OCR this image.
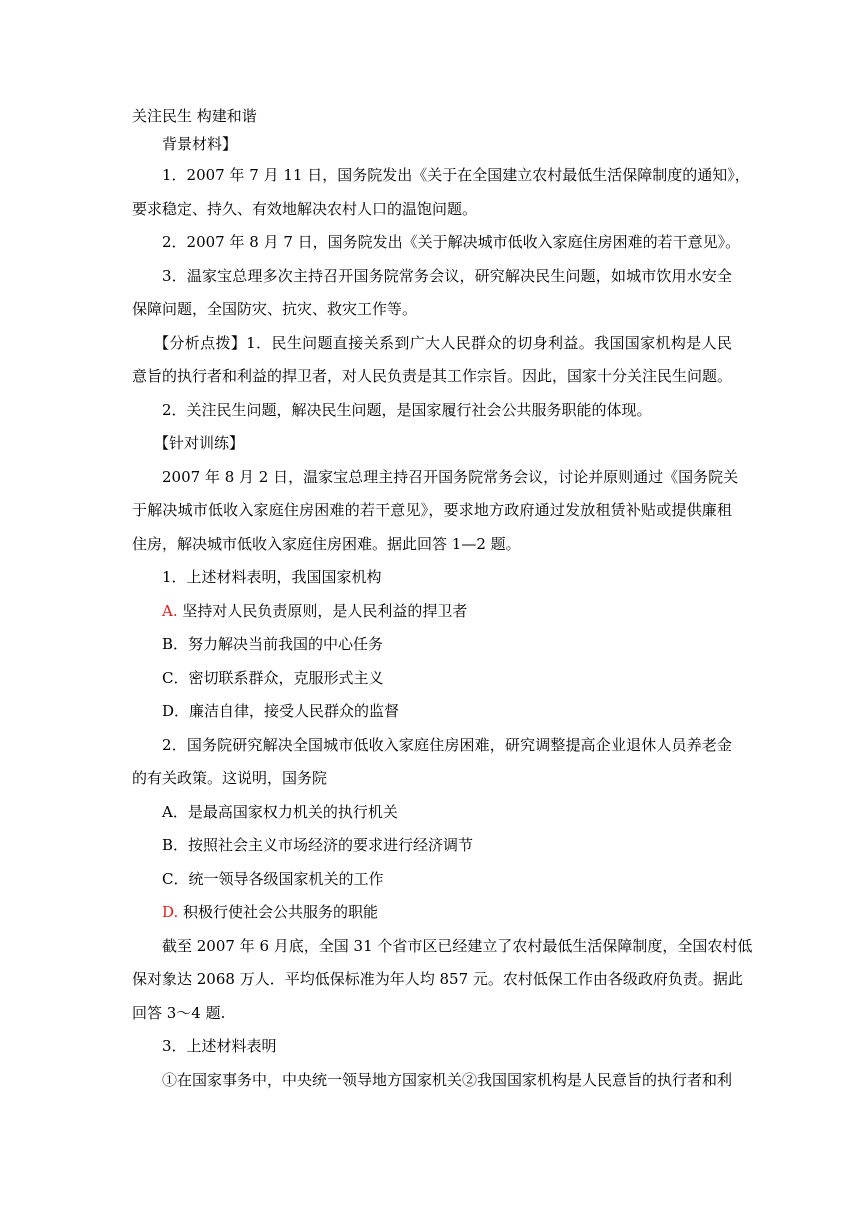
关注民生 构建和谐
背景材料】
1．2007 年 7 月 11 日，国务院发出《关于在全国建立农村最低生活保障制度的通知》，
要求稳定、持久、有效地解决农村人口的温饱问题。
2．2007 年 8 月 7 日，国务院发出《关于解决城市低收入家庭住房困难的若干意见》。
3．温家宝总理多次主持召开国务院常务会议，研究解决民生问题，如城市饮用水安全
保障问题，全国防灾、抗灾、救灾工作等。
【分析点拨】1．民生问题直接关系到广大人民群众的切身利益。我国国家机构是人民
意旨的执行者和利益的捍卫者，对人民负责是其工作宗旨。因此，国家十分关注民生问题。
2．关注民生问题，解决民生问题，是国家履行社会公共服务职能的体现。
【针对训练】
2007 年 8 月 2 日，温家宝总理主持召开国务院常务会议，讨论并原则通过《国务院关
于解决城市低收入家庭住房困难的若干意见》，要求地方政府通过发放租赁补贴或提供廉租
住房，解决城市低收入家庭住房困难。据此回答 1—2 题。
1．上述材料表明，我国国家机构
A. 坚持对人民负责原则，是人民利益的捍卫者
B．努力解决当前我国的中心任务
C．密切联系群众，克服形式主义
D．廉洁自律，接受人民群众的监督
2．国务院研究解决全国城市低收入家庭住房困难，研究调整提高企业退休人员养老金
的有关政策。这说明，国务院
A．是最高国家权力机关的执行机关
B．按照社会主义市场经济的要求进行经济调节
C．统一领导各级国家机关的工作
D. 积极行使社会公共服务的职能
截至 2007 年 6 月底，全国 31 个省市区已经建立了农村最低生活保障制度，全国农村低
保对象达 2068 万人．平均低保标准为年人均 857 元。农村低保工作由各级政府负责。据此
回答 3～4 题.
3．上述材料表明
①在国家事务中，中央统一领导地方国家机关②我国国家机构是人民意旨的执行者和利
